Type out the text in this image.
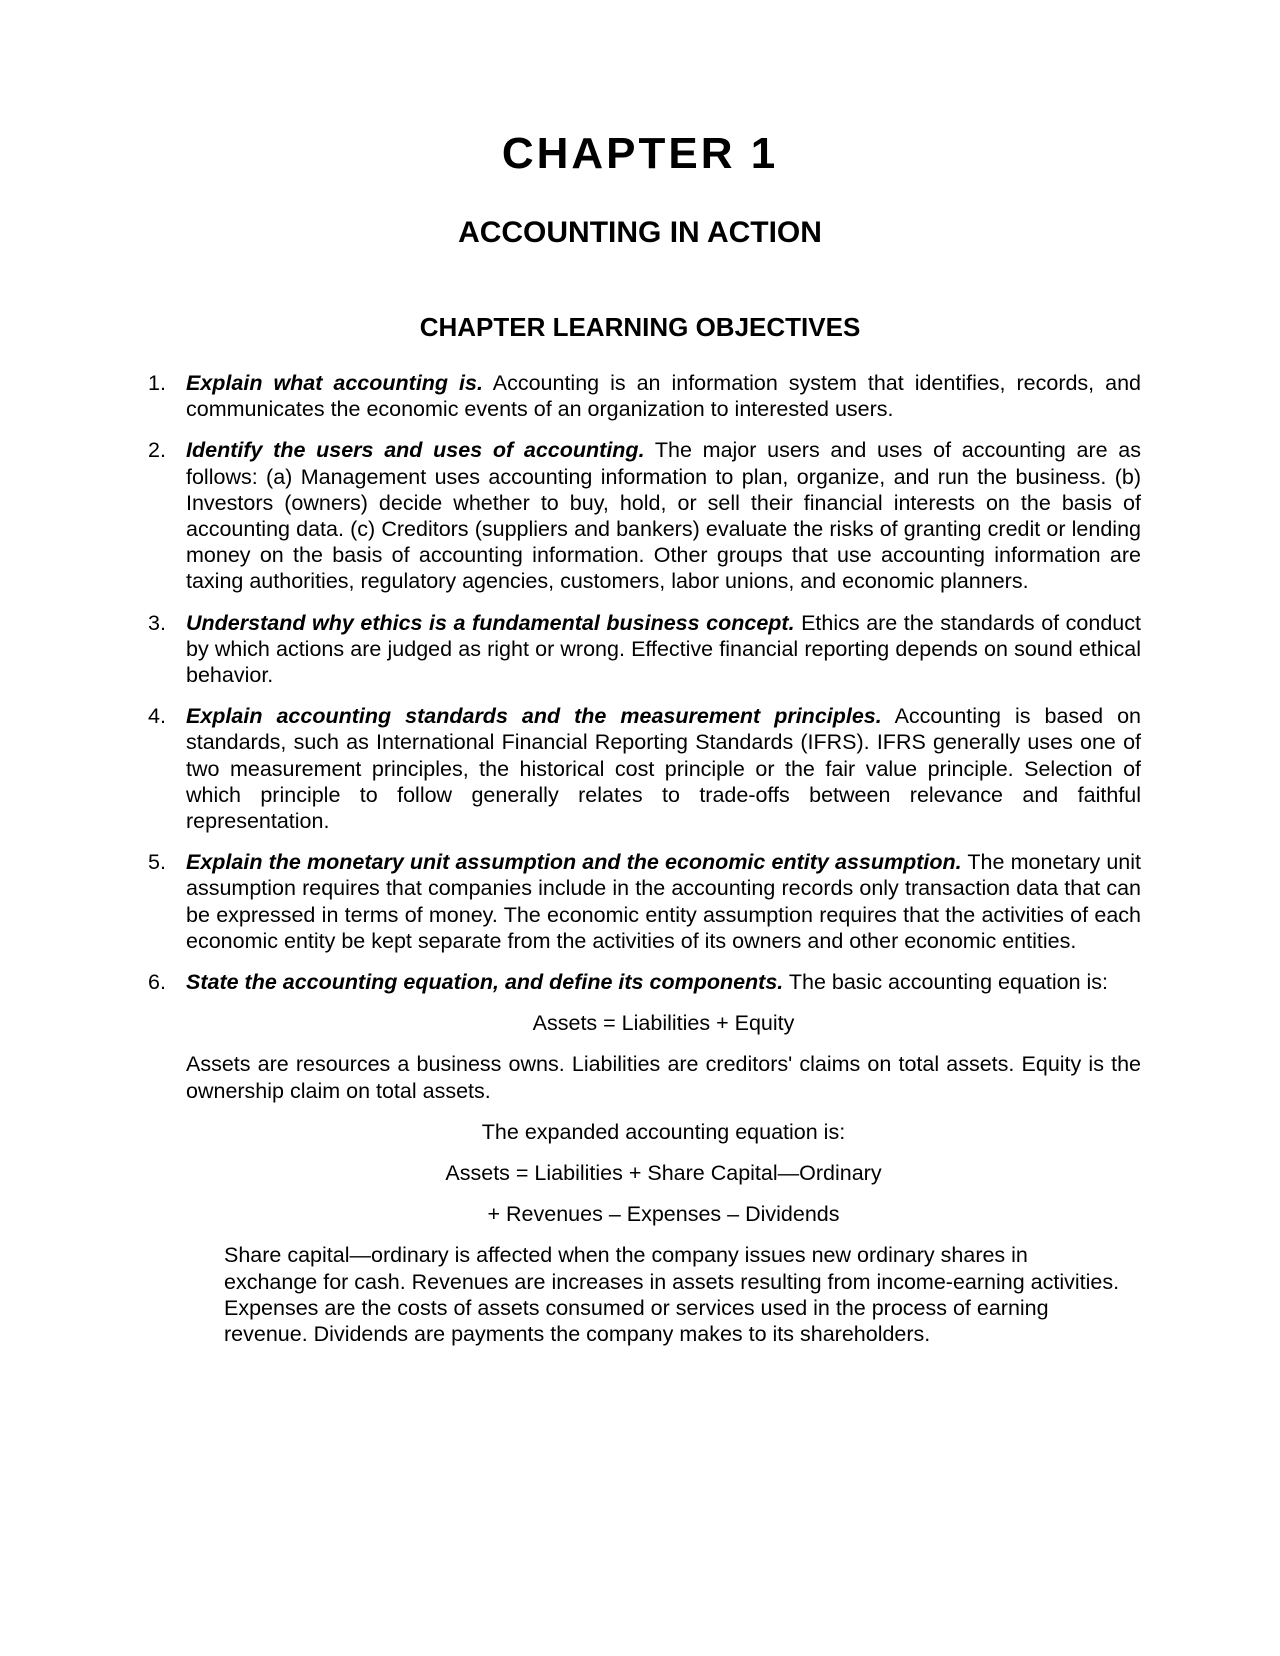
CHAPTER 1
ACCOUNTING IN ACTION
CHAPTER LEARNING OBJECTIVES
1. Explain what accounting is. Accounting is an information system that identifies, records, and communicates the economic events of an organization to interested users.
2. Identify the users and uses of accounting. The major users and uses of accounting are as follows: (a) Management uses accounting information to plan, organize, and run the business. (b) Investors (owners) decide whether to buy, hold, or sell their financial interests on the basis of accounting data. (c) Creditors (suppliers and bankers) evaluate the risks of granting credit or lending money on the basis of accounting information. Other groups that use accounting information are taxing authorities, regulatory agencies, customers, labor unions, and economic planners.
3. Understand why ethics is a fundamental business concept. Ethics are the standards of conduct by which actions are judged as right or wrong. Effective financial reporting depends on sound ethical behavior.
4. Explain accounting standards and the measurement principles. Accounting is based on standards, such as International Financial Reporting Standards (IFRS). IFRS generally uses one of two measurement principles, the historical cost principle or the fair value principle. Selection of which principle to follow generally relates to trade-offs between relevance and faithful representation.
5. Explain the monetary unit assumption and the economic entity assumption. The monetary unit assumption requires that companies include in the accounting records only transaction data that can be expressed in terms of money. The economic entity assumption requires that the activities of each economic entity be kept separate from the activities of its owners and other economic entities.
6. State the accounting equation, and define its components. The basic accounting equation is:

Assets = Liabilities + Equity

Assets are resources a business owns. Liabilities are creditors' claims on total assets. Equity is the ownership claim on total assets.

The expanded accounting equation is:

Assets = Liabilities + Share Capital—Ordinary

+ Revenues – Expenses – Dividends

Share capital—ordinary is affected when the company issues new ordinary shares in exchange for cash. Revenues are increases in assets resulting from income-earning activities. Expenses are the costs of assets consumed or services used in the process of earning revenue. Dividends are payments the company makes to its shareholders.
